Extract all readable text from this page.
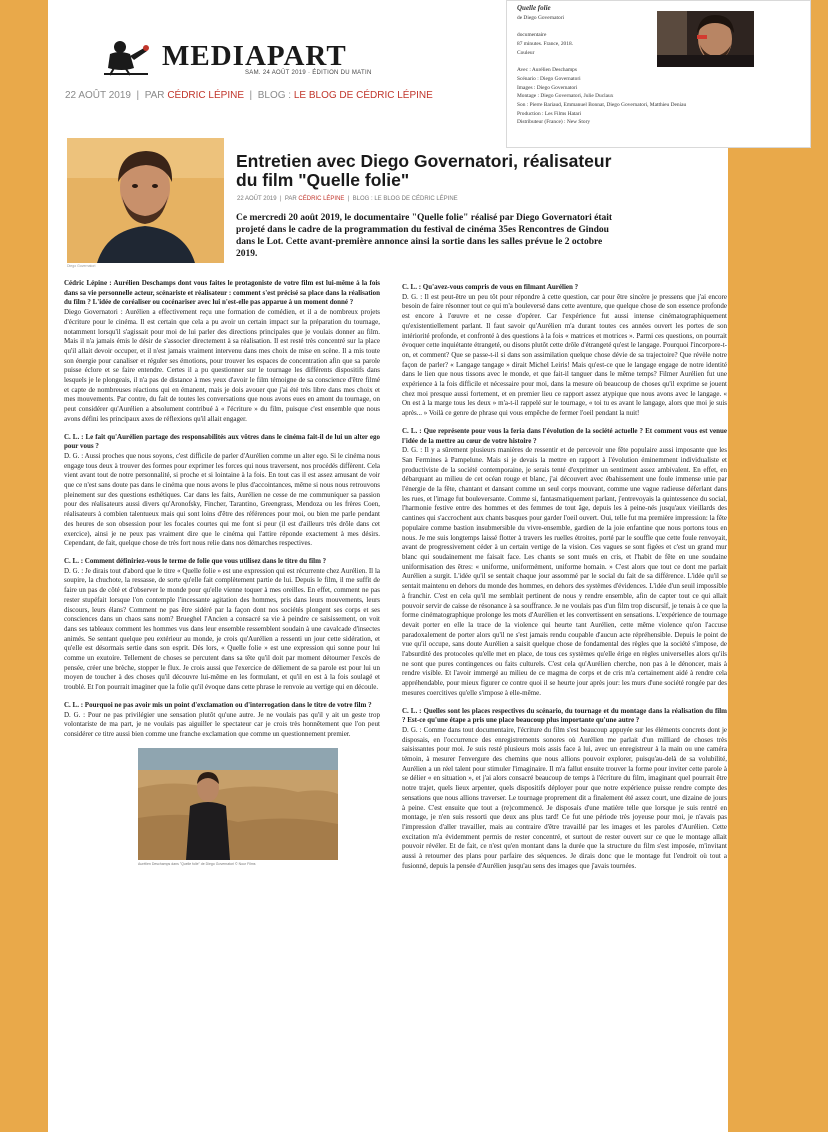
MEDIAPART
SAM. 24 AOÛT 2019 · ÉDITION DU MATIN
22 AOÛT 2019  |  PAR CÉDRIC LÉPINE  |  BLOG : LE BLOG DE CÉDRIC LÉPINE
Diego Governatori
Entretien avec Diego Governatori, réalisateur du film "Quelle folie"
22 AOÛT 2019  |  PAR CÉDRIC LÉPINE  |  BLOG : LE BLOG DE CÉDRIC LÉPINE

Ce mercredi 20 août 2019, le documentaire "Quelle folie" réalisé par Diego Governatori était projeté dans le cadre de la programmation du festival de cinéma 35es Rencontres de Gindou dans le Lot. Cette avant-première annonce ainsi la sortie dans les salles prévue le 2 octobre 2019.

Cédric Lépine : Aurélien Deschamps dont vous faites le protagoniste de votre film est lui-même à la fois dans sa vie personnelle acteur, scénariste et réalisateur : comment s'est précisé sa place dans la réalisation du film ? L'idée de coréaliser ou cocénariser avec lui n'est-elle pas apparue à un moment donné ?

Diego Governatori : Aurélien a effectivement reçu une formation de comédien, et il a de nombreux projets d'écriture pour le cinéma. Il est certain que cela a pu avoir un certain impact sur la préparation du tournage, notamment lorsqu'il s'agissait pour moi de lui parler des directions principales que je voulais donner au film. Mais il n'a jamais émis le désir de s'associer directement à sa réalisation. Il est resté très concentré sur la place qu'il allait devoir occuper, et il n'est jamais vraiment intervenu dans mes choix de mise en scène. Il a mis toute son énergie pour canaliser et réguler ses émotions, pour trouver les espaces de concentration afin que sa parole puisse éclore et se faire entendre. Certes il a pu questionner sur le tournage les différents dispositifs dans lesquels je le plongeais, il n'a pas de distance à mes yeux d'avoir le film témoigne de sa conscience d'être filmé et capte de nombreuses réactions qui en émanent, mais je dois avouer que j'ai été très libre dans mes choix et mes mouvements. Par contre, du fait de toutes les conversations que nous avons eues en amont du tournage, on peut considérer qu'Aurélien a absolument contribué à « l'écriture » du film, puisque c'est ensemble que nous avons défini les principaux axes de réflexions qu'il allait engager.

C. L. : Le fait qu'Aurélien partage des responsabilités aux vôtres dans le cinéma fait-il de lui un alter ego pour vous ?

D. G. : Aussi proches que nous soyons, c'est difficile de parler d'Aurélien comme un alter ego. Si le cinéma nous engage tous deux à trouver des formes pour exprimer les forces qui nous traversent, nos procédés diffèrent. Cela vient avant tout de notre personnalité, si proche et si lointaine à la fois. En tout cas il est assez amusant de voir que ce n'est sans doute pas dans le cinéma que nous avons le plus d'accointances, même si nous nous retrouvons pleinement sur des questions esthétiques. Car dans les faits, Aurélien ne cesse de me communiquer sa passion pour des réalisateurs aussi divers qu'Aronofsky, Fincher, Tarantino, Greengrass, Mendoza ou les frères Coen, réalisateurs à combien talentueux mais qui sont loins d'être des références pour moi, ou bien me parle pendant des heures de son obsession pour les focales courtes qui me font si peur (il est d'ailleurs très drôle dans cet exercice), ainsi je ne peux pas vraiment dire que le cinéma qui l'attire réponde exactement à mes désirs. Cependant, de fait, quelque chose de très fort nous relie dans nos démarches respectives.

C. L. : Comment définiriez-vous le terme de folie que vous utilisez dans le titre du film ?

D. G. : Je dirais tout d'abord que le titre « Quelle folie » est une expression qui est récurrente chez Aurélien. Il la soupire, la chuchote, la ressasse, de sorte qu'elle fait complètement partie de lui. Depuis le film, il me suffit de faire un pas de côté et d'observer le monde pour qu'elle vienne toquer à mes oreilles. En effet, comment ne pas rester stupéfait lorsque l'on contemple l'incessante agitation des hommes, pris dans leurs mouvements, leurs discours, leurs élans? Comment ne pas être sidéré par la façon dont nos sociétés plongent ses corps et ses consciences dans un chaos sans nom? Brueghel l'Ancien a consacré sa vie à peindre ce saisissement, on voit dans ses tableaux comment les hommes vus dans leur ensemble ressemblent soudain à une cavalcade d'insectes animés. Se sentant quelque peu extérieur au monde, je crois qu'Aurélien a ressenti un jour cette sidération, et qu'elle est désormais sertie dans son esprit. Dès lors, « Quelle folie » est une expression qui sonne pour lui comme un exutoire. Tellement de choses se percutent dans sa tête qu'il doit par moment détourner l'excès de pensée, créer une brèche, stopper le flux. Je crois aussi que l'exercice de déliement de sa parole est pour lui un moyen de toucher à des choses qu'il découvre lui-même en les formulant, et qu'il en est à la fois soulagé et troublé. Et l'on pourrait imaginer que la folie qu'il évoque dans cette phrase le renvoie au vertige qui en découle.

C. L. : Pourquoi ne pas avoir mis un point d'exclamation ou d'interrogation dans le titre de votre film ?

D. G. : Pour ne pas privilégier une sensation plutôt qu'une autre. Je ne voulais pas qu'il y ait un geste trop volontariste de ma part, je ne voulais pas aiguiller le spectateur car je crois très honnêtement que l'on peut considérer ce titre aussi bien comme une franche exclamation que comme un questionnement premier.

Aurélien Deschamps dans "Quelle folie" de Diego Governatori © Nour Films

C. L. : Qu'avez-vous compris de vous en filmant Aurélien ?

D. G. : Il est peut-être un peu tôt pour répondre à cette question, car pour être sincère je pressens que j'ai encore besoin de faire résonner tout ce qui m'a bouleversé dans cette aventure, que quelque chose de son essence profonde est encore à l'œuvre et ne cesse d'opérer. Car l'expérience fut aussi intense cinématographiquement qu'existentiellement parlant. Il faut savoir qu'Aurélien m'a durant toutes ces années ouvert les portes de son intériorité profonde, et confronté à des questions à la fois « matrices et motrices ». Parmi ces questions, on pourrait évoquer cette inquiétante étrangeté, ou disons plutôt cette drôle d'étrangeté qu'est le langage. Pourquoi l'incorpore-t-on, et comment? Que se passe-t-il si dans son assimilation quelque chose dévie de sa trajectoire? Que révèle notre façon de parler? « Langage tangage » dirait Michel Leiris! Mais qu'est-ce que le langage engage de notre identité dans le lien que nous tissons avec le monde, et que fait-il tanguer dans le même temps? Filmer Aurélien fut une expérience à la fois difficile et nécessaire pour moi, dans la mesure où beaucoup de choses qu'il exprime se jouent chez moi presque aussi fortement, et en premier lieu ce rapport assez atypique que nous avons avec le langage. « On est à la marge tous les deux » m'a-t-il rappelé sur le tournage, « toi tu es avant le langage, alors que moi je suis après... » Voilà ce genre de phrase qui vous empêche de fermer l'oeil pendant la nuit!

C. L. : Que représente pour vous la feria dans l'évolution de la société actuelle ? Et comment vous est venue l'idée de la mettre au cœur de votre histoire ?

D. G. : Il y a sûrement plusieurs manières de ressentir et de percevoir une fête populaire aussi imposante que les San Fermines à Pampelune. Mais si je devais la mettre en rapport à l'évolution éminemment individualiste et productiviste de la société contemporaine, je serais tenté d'exprimer un sentiment assez ambivalent. En effet, en débarquant au milieu de cet océan rouge et blanc, j'ai découvert avec ébahissement une foule immense unie par l'énergie de la fête, chantant et dansant comme un seul corps mouvant, comme une vague radieuse déferlant dans les rues, et l'image fut bouleversante. Comme si, fantasmatiquement parlant, j'entrevoyais la quintessence du social, l'harmonie festive entre des hommes et des femmes de tout âge, depuis les à peine-nés jusqu'aux vieillards des cantines qui s'accrochent aux chants basques pour garder l'oeil ouvert. Oui, telle fut ma première impression: la fête populaire comme bastion insubmersible du vivre-ensemble, gardien de la joie enfantine que nous portons tous en nous. Je me suis longtemps laissé flotter à travers les ruelles étroites, porté par le souffle que cette foule renvoyait, avant de progressivement céder à un certain vertige de la vision. Ces vagues se sont figées et c'est un grand mur blanc qui soudainement me faisait face. Les chants se sont mués en cris, et l'habit de fête en une soudaine uniformisation des êtres: « uniforme, uniformément, uniforme homain. » C'est alors que tout ce dont me parlait Aurélien a surgit. L'idée qu'il se sentait chaque jour assommé par le social du fait de sa différence. L'idée qu'il se sentait maintenu en dehors du monde des hommes, en dehors des systèmes d'évidences. L'idée d'un seuil impossible à franchir. C'est en cela qu'il me semblait pertinent de nous y rendre ensemble, afin de capter tout ce qui allait pouvoir servir de caisse de résonance à sa souffrance. Je ne voulais pas d'un film trop discursif, je tenais à ce que la forme cinématographique prolonge les mots d'Aurélien et les convertissent en sensations. L'expérience de tournage devait porter en elle la trace de la violence qui heurte tant Aurélien, cette même violence qu'on l'accuse paradoxalement de porter alors qu'il ne s'est jamais rendu coupable d'aucun acte répréhensible. Depuis le point de vue qu'il occupe, sans doute Aurélien a saisit quelque chose de fondamental des règles que la société s'impose, de l'absurdité des protocoles qu'elle met en place, de tous ces systèmes qu'elle érige en règles universelles alors qu'ils ne sont que pures contingences ou faits culturels. C'est cela qu'Aurélien cherche, non pas à le dénoncer, mais à rendre visible. Et l'avoir immergé au milieu de ce magma de corps et de cris m'a certainement aidé à rendre cela appréhendable, pour mieux figurer ce contre quoi il se heurte jour après jour: les murs d'une société rongée par des mesures coercitives qu'elle s'impose à elle-même.

C. L. : Quelles sont les places respectives du scénario, du tournage et du montage dans la réalisation du film ? Est-ce qu'une étape a pris une place beaucoup plus importante qu'une autre ?

D. G. : Comme dans tout documentaire, l'écriture du film s'est beaucoup appuyée sur les éléments concrets dont je disposais, en l'occurrence des enregistrements sonores où Aurélien me parlait d'un milliard de choses très saisissantes pour moi. Je suis resté plusieurs mois assis face à lui, avec un enregistreur à la main ou une caméra témoin, à mesurer l'envergure des chemins que nous allions pouvoir explorer, puisqu'au-delà de sa volubilité, Aurélien a un réel talent pour stimuler l'imaginaire. Il m'a fallut ensuite trouver la forme pour inviter cette parole à se délier « en situation », et j'ai alors consacré beaucoup de temps à l'écriture du film, imaginant quel pourrait être notre trajet, quels lieux arpenter, quels dispositifs déployer pour que notre expérience puisse rendre compte des sensations que nous allions traverser. Le tournage proprement dit a finalement été assez court, une dizaine de jours à peine. C'est ensuite que tout a (re)commencé. Je disposais d'une matière telle que lorsque je suis rentré en montage, je n'en suis ressorti que deux ans plus tard! Ce fut une période très joyeuse pour moi, je n'avais pas l'impression d'aller travailler, mais au contraire d'être travaillé par les images et les paroles d'Aurélien. Cette excitation m'a évidemment permis de rester concentré, et surtout de rester ouvert sur ce que le montage allait pouvoir révéler. Et de fait, ce n'est qu'en montant dans la durée que la structure du film s'est imposée, m'invitant aussi à retourner des plans pour parfaire des séquences. Je dirais donc que le montage fut l'endroit où tout a fusionné, depuis la pensée d'Aurélien jusqu'au sens des images que j'avais tournées.

Quelle folie
de Diego Governatori

documentaire
87 minutes. France, 2018.
Couleur

Avec : Aurélien Deschamps
Scénario : Diego Governatori
Images : Diego Governatori
Montage : Diego Governatori, Julie Duclaux
Son : Pierre Bariaud, Emmanuel Bonnat, Diego Governatori, Matthieu Deniau
Production : Les Films Hatari
Distributeur (France) : New Story
